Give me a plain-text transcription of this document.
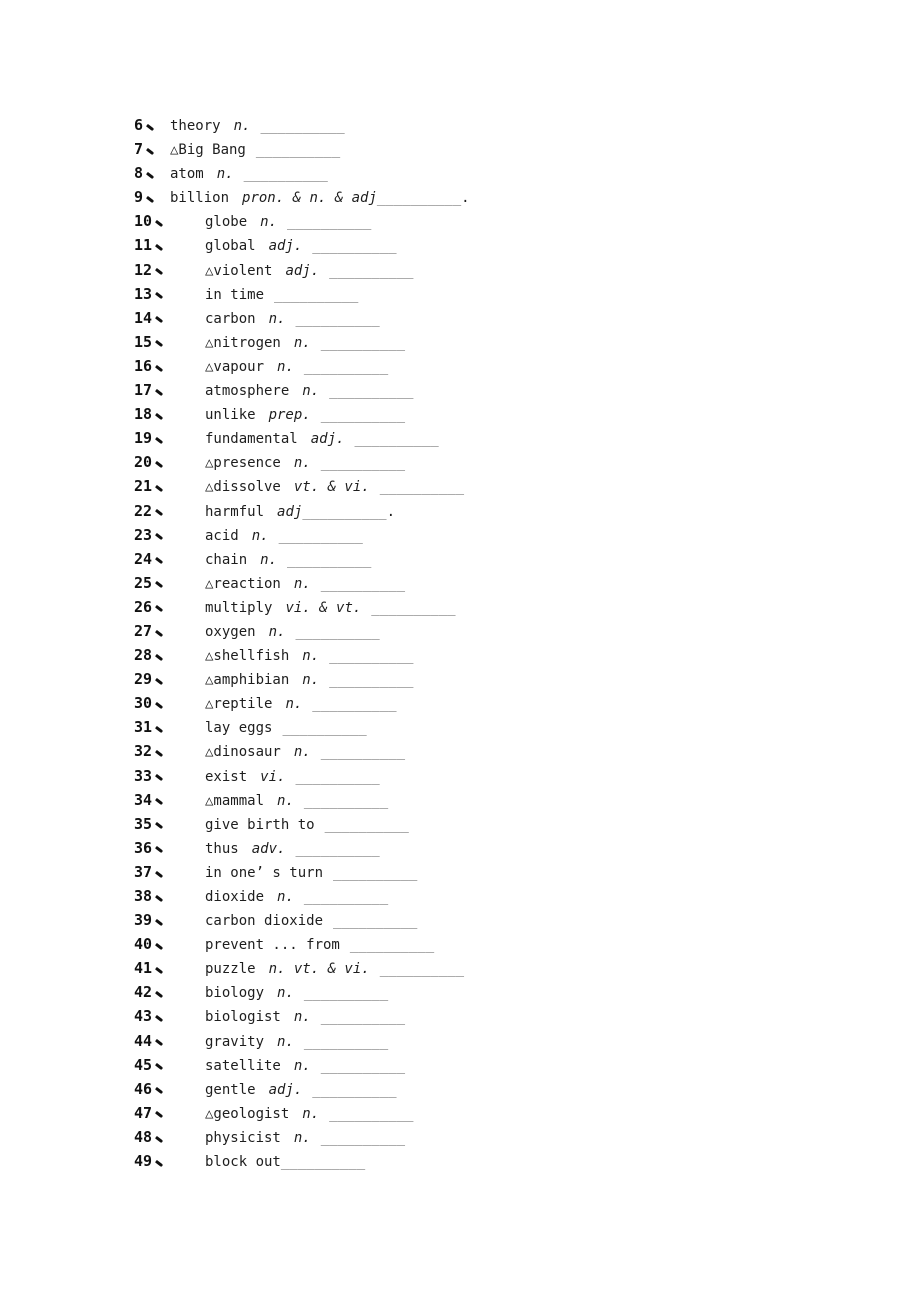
6 theory n. __________
7 △Big Bang __________
8 atom n. __________
9 billion pron. & n. & adj__________.
10	globe n. __________
11	global adj. __________
12	△violent adj. __________
13	in time __________
14	carbon n. __________
15	△nitrogen n. __________
16	△vapour n. __________
17	atmosphere n. __________
18	unlike prep. __________
19	fundamental adj. __________
20	△presence n. __________
21	△dissolve vt. & vi. __________
22	harmful adj__________.
23	acid n. __________
24	chain n. __________
25	△reaction n. __________
26	multiply vi. & vt. __________
27	oxygen n. __________
28	△shellfish n. __________
29	△amphibian n. __________
30	△reptile n. __________
31	lay eggs __________
32	△dinosaur n. __________
33	exist vi. __________
34	△mammal n. __________
35	give birth to __________
36	thus adv. __________
37	in one’ s turn __________
38	dioxide n. __________
39	carbon dioxide __________
40	prevent ... from __________
41	puzzle n. vt. & vi. __________
42	biology n. __________
43	biologist n. __________
44	gravity n. __________
45	satellite n. __________
46	gentle adj. __________
47	△geologist n. __________
48	physicist n. __________
49	block out__________
